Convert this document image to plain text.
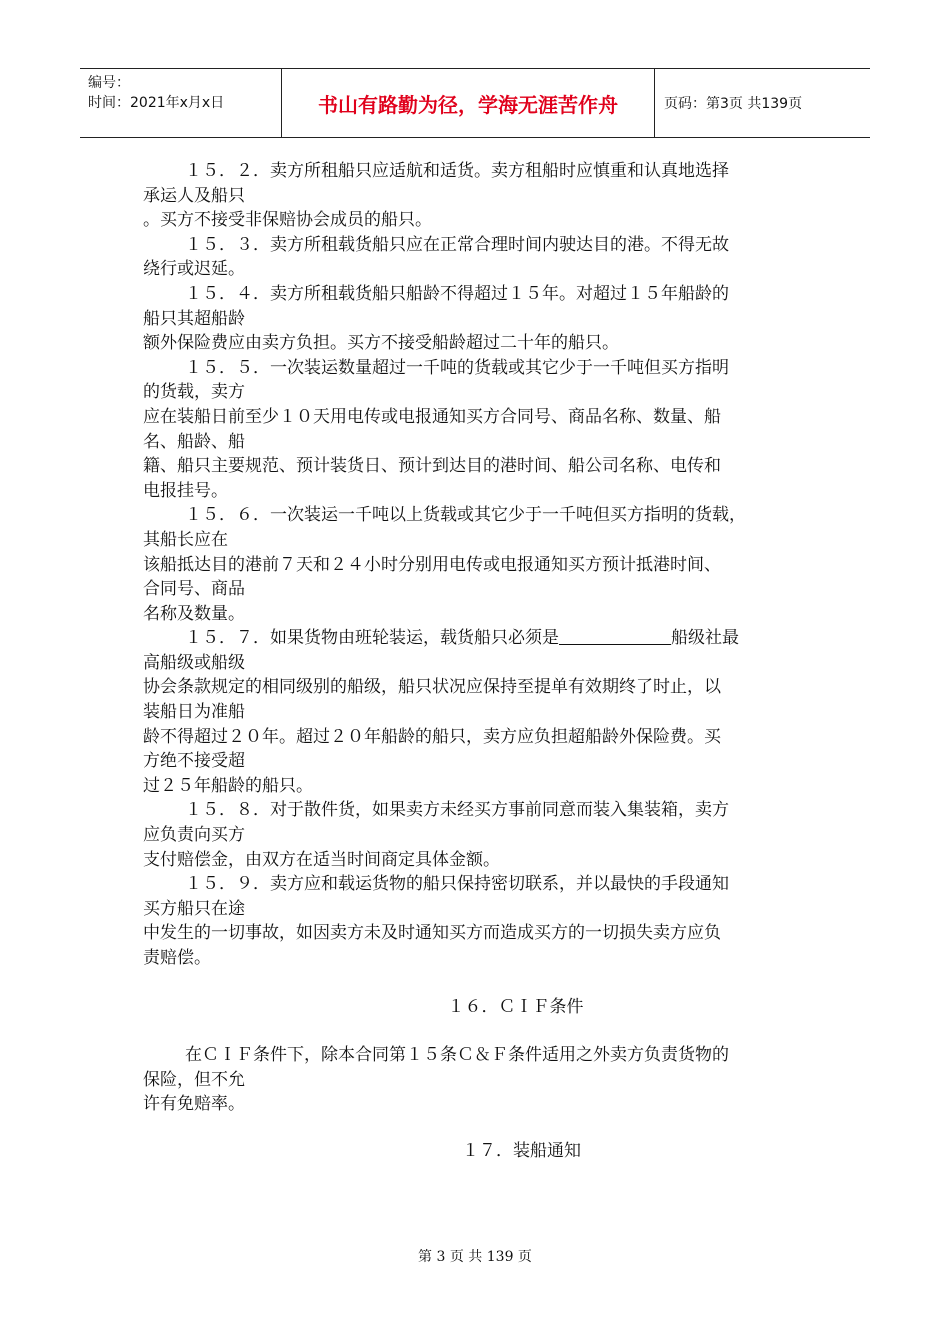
编号：
时间：2021年x月x日	书山有路勤为径，学海无涯苦作舟	页码：第3页 共139页

１５．２．卖方所租船只应适航和适货。卖方租船时应慎重和认真地选择

承运人及船只

。买方不接受非保赔协会成员的船只。

１５．３．卖方所租载货船只应在正常合理时间内驶达目的港。不得无故

绕行或迟延。

１５．４．卖方所租载货船只船龄不得超过１５年。对超过１５年船龄的

船只其超船龄

额外保险费应由卖方负担。买方不接受船龄超过二十年的船只。

１５．５．一次装运数量超过一千吨的货载或其它少于一千吨但买方指明

的货载，卖方

应在装船日前至少１０天用电传或电报通知买方合同号、商品名称、数量、船

名、船龄、船

籍、船只主要规范、预计装货日、预计到达目的港时间、船公司名称、电传和

电报挂号。

１５．６．一次装运一千吨以上货载或其它少于一千吨但买方指明的货载，

其船长应在

该船抵达目的港前７天和２４小时分别用电传或电报通知买方预计抵港时间、

合同号、商品

名称及数量。

１５．７．如果货物由班轮装运，载货船只必须是	船级社最

高船级或船级

协会条款规定的相同级别的船级，船只状况应保持至提单有效期终了时止，以

装船日为准船

龄不得超过２０年。超过２０年船龄的船只，卖方应负担超船龄外保险费。买

方绝不接受超

过２５年船龄的船只。

１５．８．对于散件货，如果卖方未经买方事前同意而装入集装箱，卖方

应负责向买方

支付赔偿金，由双方在适当时间商定具体金额。

１５．９．卖方应和载运货物的船只保持密切联系，并以最快的手段通知

买方船只在途

中发生的一切事故，如因卖方未及时通知买方而造成买方的一切损失卖方应负

责赔偿。

１６．ＣＩＦ条件

在ＣＩＦ条件下，除本合同第１５条Ｃ＆Ｆ条件适用之外卖方负责货物的

保险，但不允

许有免赔率。

１７．装船通知

第 3 页 共 139 页
